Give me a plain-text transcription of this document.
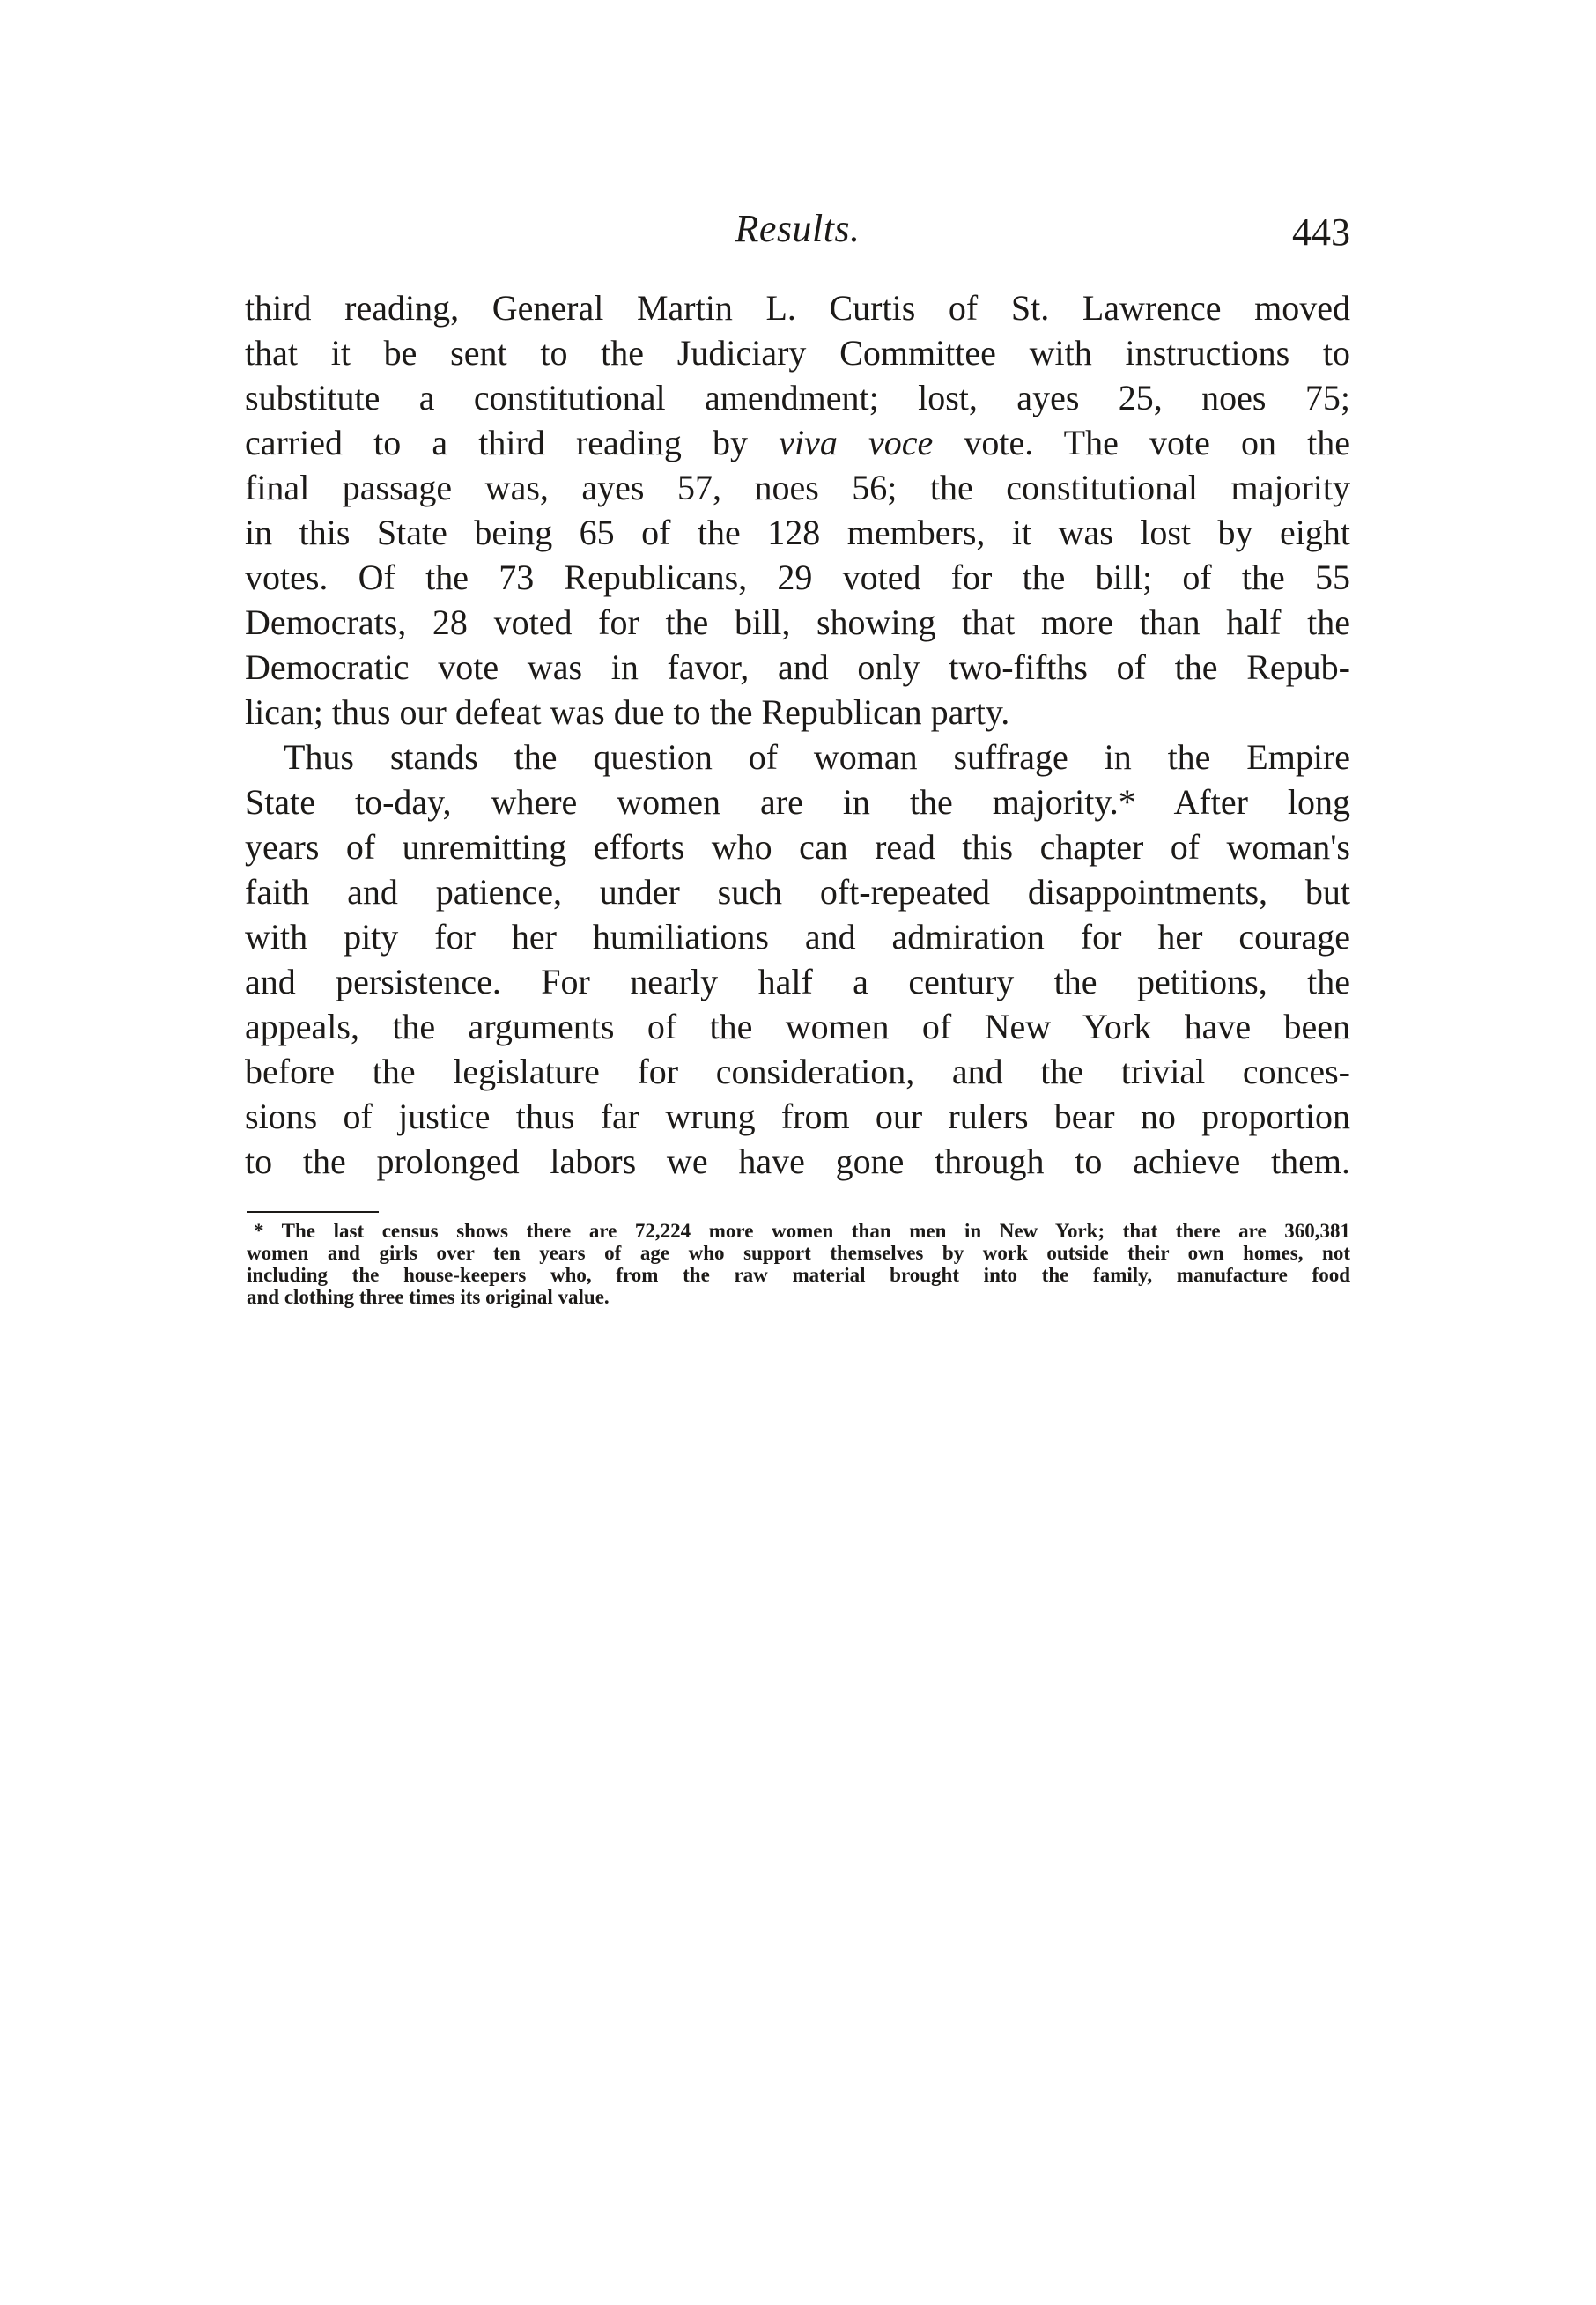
Results.	443
third reading, General Martin L. Curtis of St. Lawrence moved
that it be sent to the Judiciary Committee with instructions to
substitute a constitutional amendment; lost, ayes 25, noes 75;
carried to a third reading by viva voce vote. The vote on the
final passage was, ayes 57, noes 56; the constitutional majority
in this State being 65 of the 128 members, it was lost by eight
votes. Of the 73 Republicans, 29 voted for the bill; of the 55
Democrats, 28 voted for the bill, showing that more than half the
Democratic vote was in favor, and only two-fifths of the Repub-
lican; thus our defeat was due to the Republican party.
Thus stands the question of woman suffrage in the Empire
State to-day, where women are in the majority.* After long
years of unremitting efforts who can read this chapter of woman's
faith and patience, under such oft-repeated disappointments, but
with pity for her humiliations and admiration for her courage
and persistence. For nearly half a century the petitions, the
appeals, the arguments of the women of New York have been
before the legislature for consideration, and the trivial conces-
sions of justice thus far wrung from our rulers bear no proportion
to the prolonged labors we have gone through to achieve them.
* The last census shows there are 72,224 more women than men in New York; that there are 360,381
women and girls over ten years of age who support themselves by work outside their own homes, not
including the house-keepers who, from the raw material brought into the family, manufacture food
and clothing three times its original value.
